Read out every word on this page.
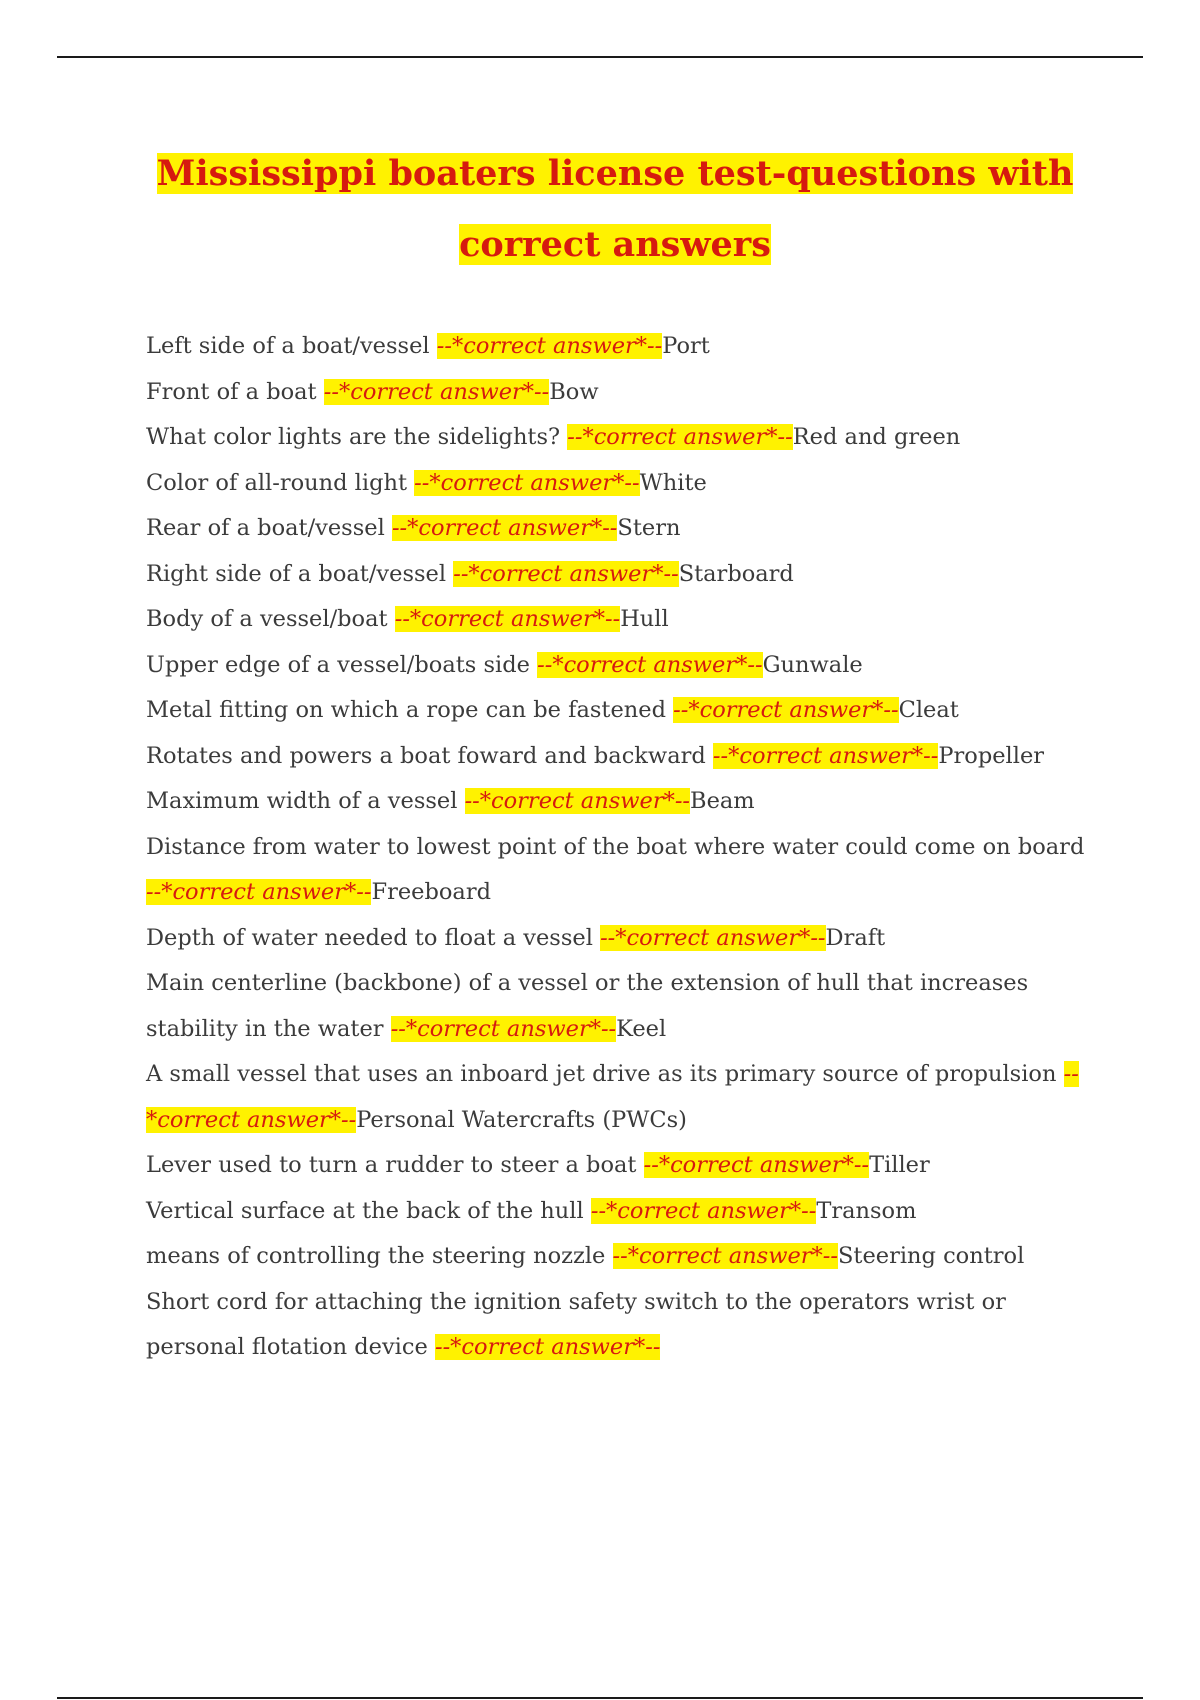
Mississippi boaters license test-questions with
correct answers
Left side of a boat/vessel --*correct answer*--Port
Front of a boat --*correct answer*--Bow
What color lights are the sidelights? --*correct answer*--Red and green
Color of all-round light --*correct answer*--White
Rear of a boat/vessel --*correct answer*--Stern
Right side of a boat/vessel --*correct answer*--Starboard
Body of a vessel/boat --*correct answer*--Hull
Upper edge of a vessel/boats side --*correct answer*--Gunwale
Metal fitting on which a rope can be fastened --*correct answer*--Cleat
Rotates and powers a boat foward and backward --*correct answer*--Propeller
Maximum width of a vessel --*correct answer*--Beam
Distance from water to lowest point of the boat where water could come on board --*correct answer*--Freeboard
Depth of water needed to float a vessel --*correct answer*--Draft
Main centerline (backbone) of a vessel or the extension of hull that increases stability in the water --*correct answer*--Keel
A small vessel that uses an inboard jet drive as its primary source of propulsion --*correct answer*--Personal Watercrafts (PWCs)
Lever used to turn a rudder to steer a boat --*correct answer*--Tiller
Vertical surface at the back of the hull --*correct answer*--Transom
means of controlling the steering nozzle --*correct answer*--Steering control
Short cord for attaching the ignition safety switch to the operators wrist or personal flotation device --*correct answer*--
